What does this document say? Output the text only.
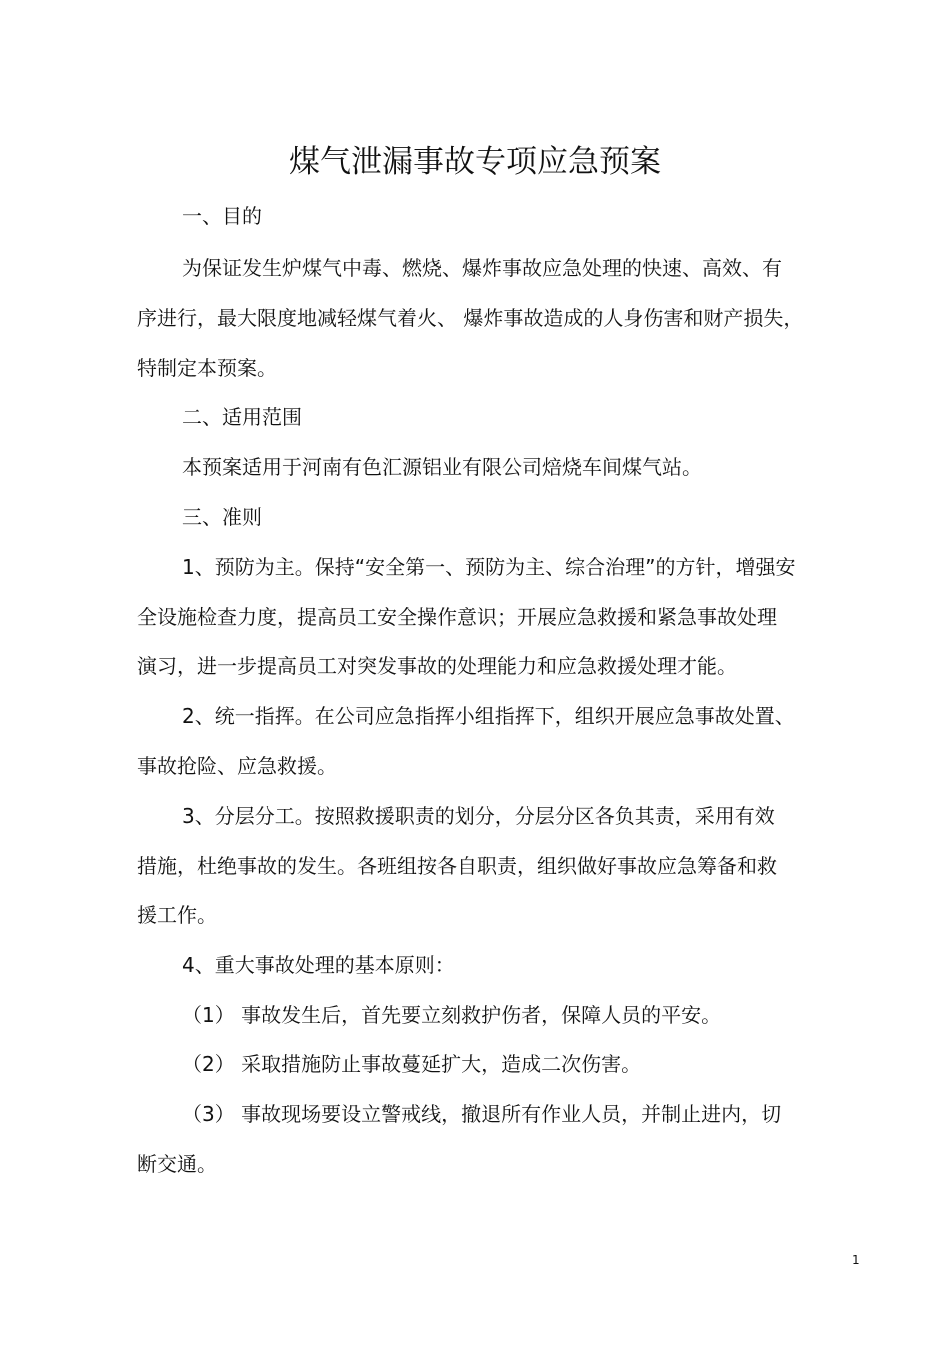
煤气泄漏事故专项应急预案
一、目的
为保证发生炉煤气中毒、燃烧、爆炸事故应急处理的快速、高效、有
序进行，最大限度地减轻煤气着火、 爆炸事故造成的人身伤害和财产损失，
特制定本预案。
二、适用范围
本预案适用于河南有色汇源铝业有限公司焙烧车间煤气站。
三、准则
1、预防为主。保持“安全第一、预防为主、综合治理”的方针，增强安
全设施检查力度，提高员工安全操作意识；开展应急救援和紧急事故处理
演习，进一步提高员工对突发事故的处理能力和应急救援处理才能。
2、统一指挥。在公司应急指挥小组指挥下，组织开展应急事故处置、
事故抢险、应急救援。
3、分层分工。按照救援职责的划分，分层分区各负其责，采用有效
措施，杜绝事故的发生。各班组按各自职责，组织做好事故应急筹备和救
援工作。
4、重大事故处理的基本原则：
（1） 事故发生后，首先要立刻救护伤者，保障人员的平安。
（2） 采取措施防止事故蔓延扩大，造成二次伤害。
（3） 事故现场要设立警戒线，撤退所有作业人员，并制止进内，切
断交通。
1
